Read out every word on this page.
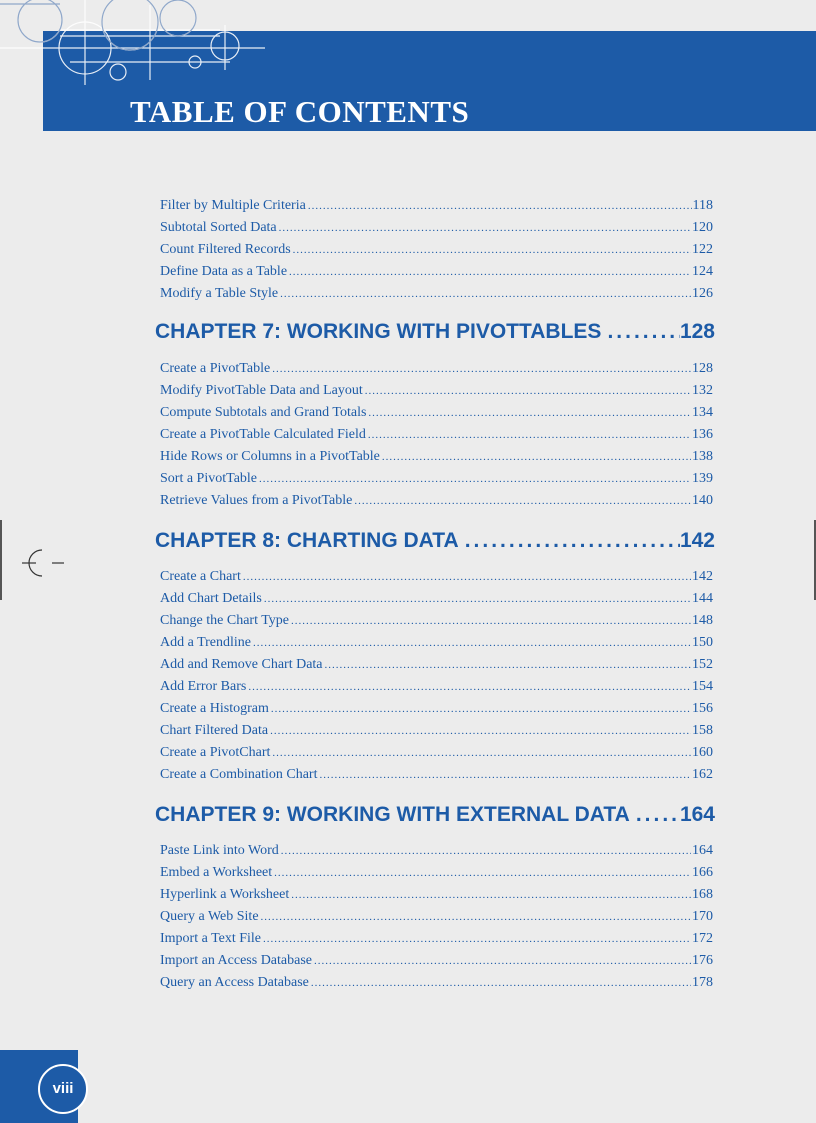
TABLE OF CONTENTS
Filter by Multiple Criteria .....	118
Subtotal Sorted Data .....	120
Count Filtered Records .....	122
Define Data as a Table .....	124
Modify a Table Style .....	126
CHAPTER 7: WORKING WITH PIVOTTABLES .....	128
Create a PivotTable .....	128
Modify PivotTable Data and Layout .....	132
Compute Subtotals and Grand Totals .....	134
Create a PivotTable Calculated Field .....	136
Hide Rows or Columns in a PivotTable .....	138
Sort a PivotTable .....	139
Retrieve Values from a PivotTable .....	140
CHAPTER 8: CHARTING DATA .....	142
Create a Chart .....	142
Add Chart Details .....	144
Change the Chart Type .....	148
Add a Trendline .....	150
Add and Remove Chart Data .....	152
Add Error Bars .....	154
Create a Histogram .....	156
Chart Filtered Data .....	158
Create a PivotChart .....	160
Create a Combination Chart .....	162
CHAPTER 9: WORKING WITH EXTERNAL DATA ..... 164
Paste Link into Word .....	164
Embed a Worksheet .....	166
Hyperlink a Worksheet .....	168
Query a Web Site .....	170
Import a Text File .....	172
Import an Access Database .....	176
Query an Access Database .....	178
viii
